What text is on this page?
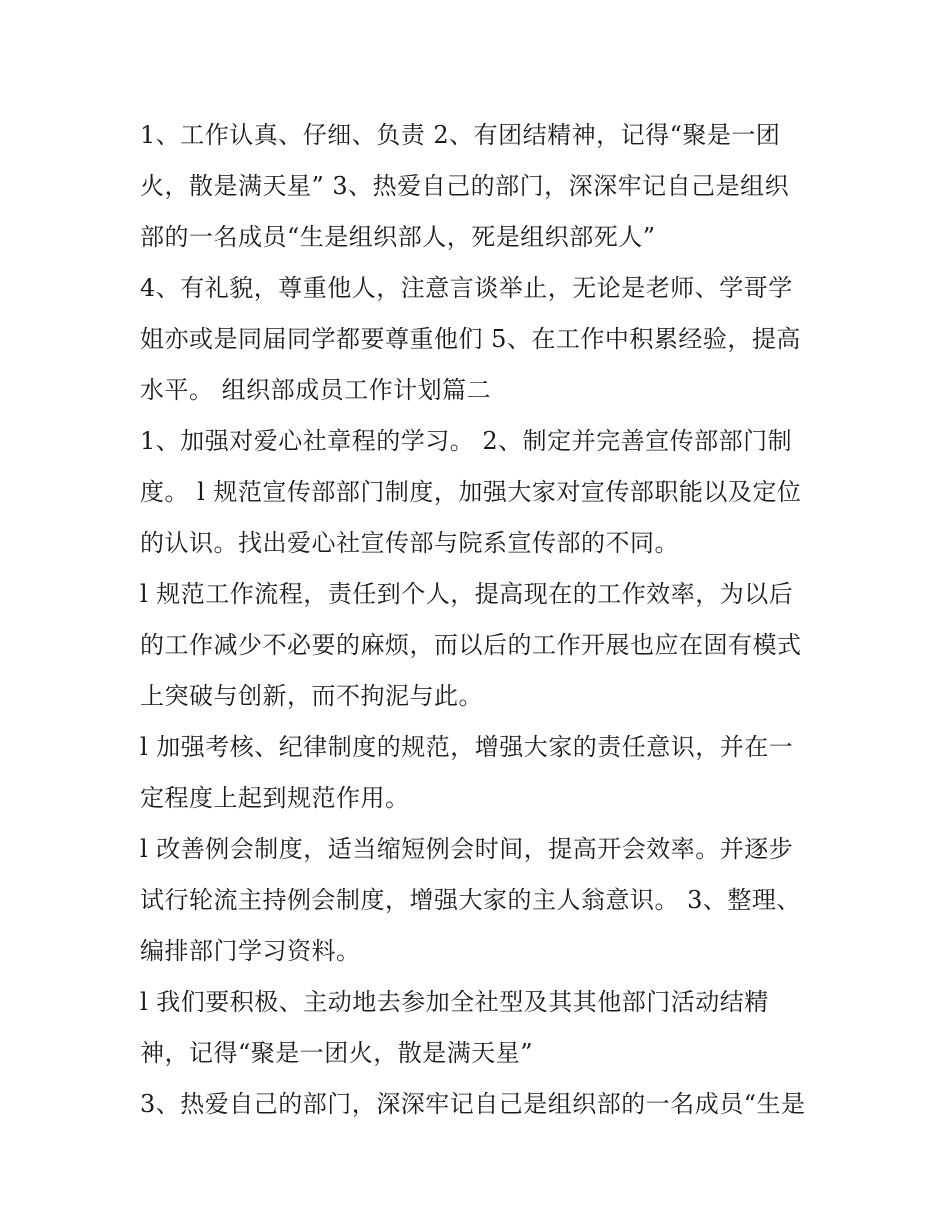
1、工作认真、仔细、负责 2、有团结精神，记得“聚是一团
火，散是满天星” 3、热爱自己的部门，深深牢记自己是组织
部的一名成员“生是组织部人，死是组织部死人”
4、有礼貌，尊重他人，注意言谈举止，无论是老师、学哥学
姐亦或是同届同学都要尊重他们 5、在工作中积累经验，提高
水平。 组织部成员工作计划篇二
1、加强对爱心社章程的学习。 2、制定并完善宣传部部门制
度。 l 规范宣传部部门制度，加强大家对宣传部职能以及定位
的认识。找出爱心社宣传部与院系宣传部的不同。
l 规范工作流程，责任到个人，提高现在的工作效率，为以后
的工作减少不必要的麻烦，而以后的工作开展也应在固有模式
上突破与创新，而不拘泥与此。
l 加强考核、纪律制度的规范，增强大家的责任意识，并在一
定程度上起到规范作用。
l 改善例会制度，适当缩短例会时间，提高开会效率。并逐步
试行轮流主持例会制度，增强大家的主人翁意识。 3、整理、
编排部门学习资料。
l 我们要积极、主动地去参加全社型及其其他部门活动结精
神，记得“聚是一团火，散是满天星”
3、热爱自己的部门，深深牢记自己是组织部的一名成员“生是
